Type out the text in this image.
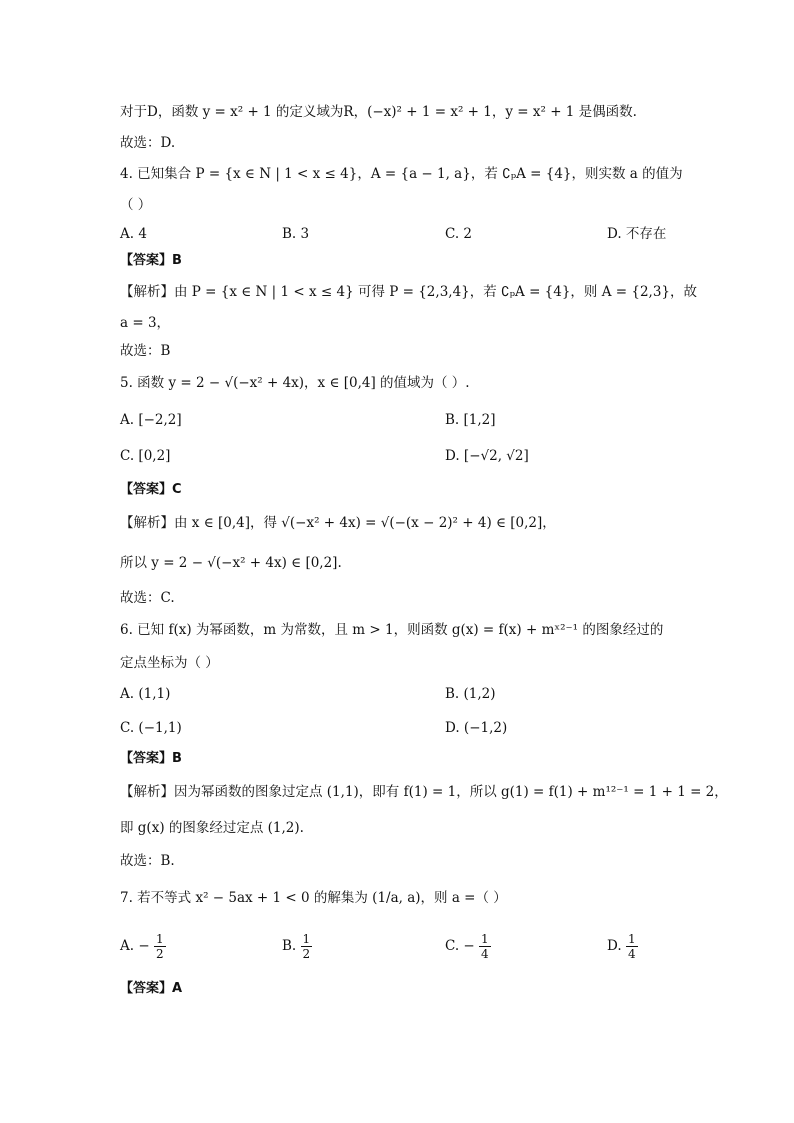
对于D，函数 y = x² + 1 的定义域为R，(−x)² + 1 = x² + 1，y = x² + 1 是偶函数.
故选：D.
4. 已知集合 P = {x ∈ N | 1 < x ≤ 4}，A = {a − 1, a}，若 ∁ₚA = {4}，则实数 a 的值为
（ ）
A. 4	B. 3	C. 2	D. 不存在
【答案】B
【解析】由 P = {x ∈ N | 1 < x ≤ 4} 可得 P = {2,3,4}，若 ∁ₚA = {4}，则 A = {2,3}，故
a = 3，
故选：B
5. 函数 y = 2 − √(−x² + 4x)，x ∈ [0,4] 的值域为（ ）.
A. [−2,2]	B. [1,2]
C. [0,2]	D. [−√2, √2]
【答案】C
【解析】由 x ∈ [0,4]，得 √(−x² + 4x) = √(−(x − 2)² + 4) ∈ [0,2]，
所以 y = 2 − √(−x² + 4x) ∈ [0,2].
故选：C.
6. 已知 f(x) 为幂函数，m 为常数，且 m > 1，则函数 g(x) = f(x) + mˣ²⁻¹ 的图象经过的
定点坐标为（ ）
A. (1,1)	B. (1,2)
C. (−1,1)	D. (−1,2)
【答案】B
【解析】因为幂函数的图象过定点 (1,1)，即有 f(1) = 1，所以 g(1) = f(1) + m¹²⁻¹ = 1 + 1 = 2，
即 g(x) 的图象经过定点 (1,2).
故选：B.
7. 若不等式 x² − 5ax + 1 < 0 的解集为 (1/a, a)，则 a =（ ）
A. − $\frac{1}{2}$	B. $\frac{1}{2}$	C. − $\frac{1}{4}$	D. $\frac{1}{4}$
【答案】A
